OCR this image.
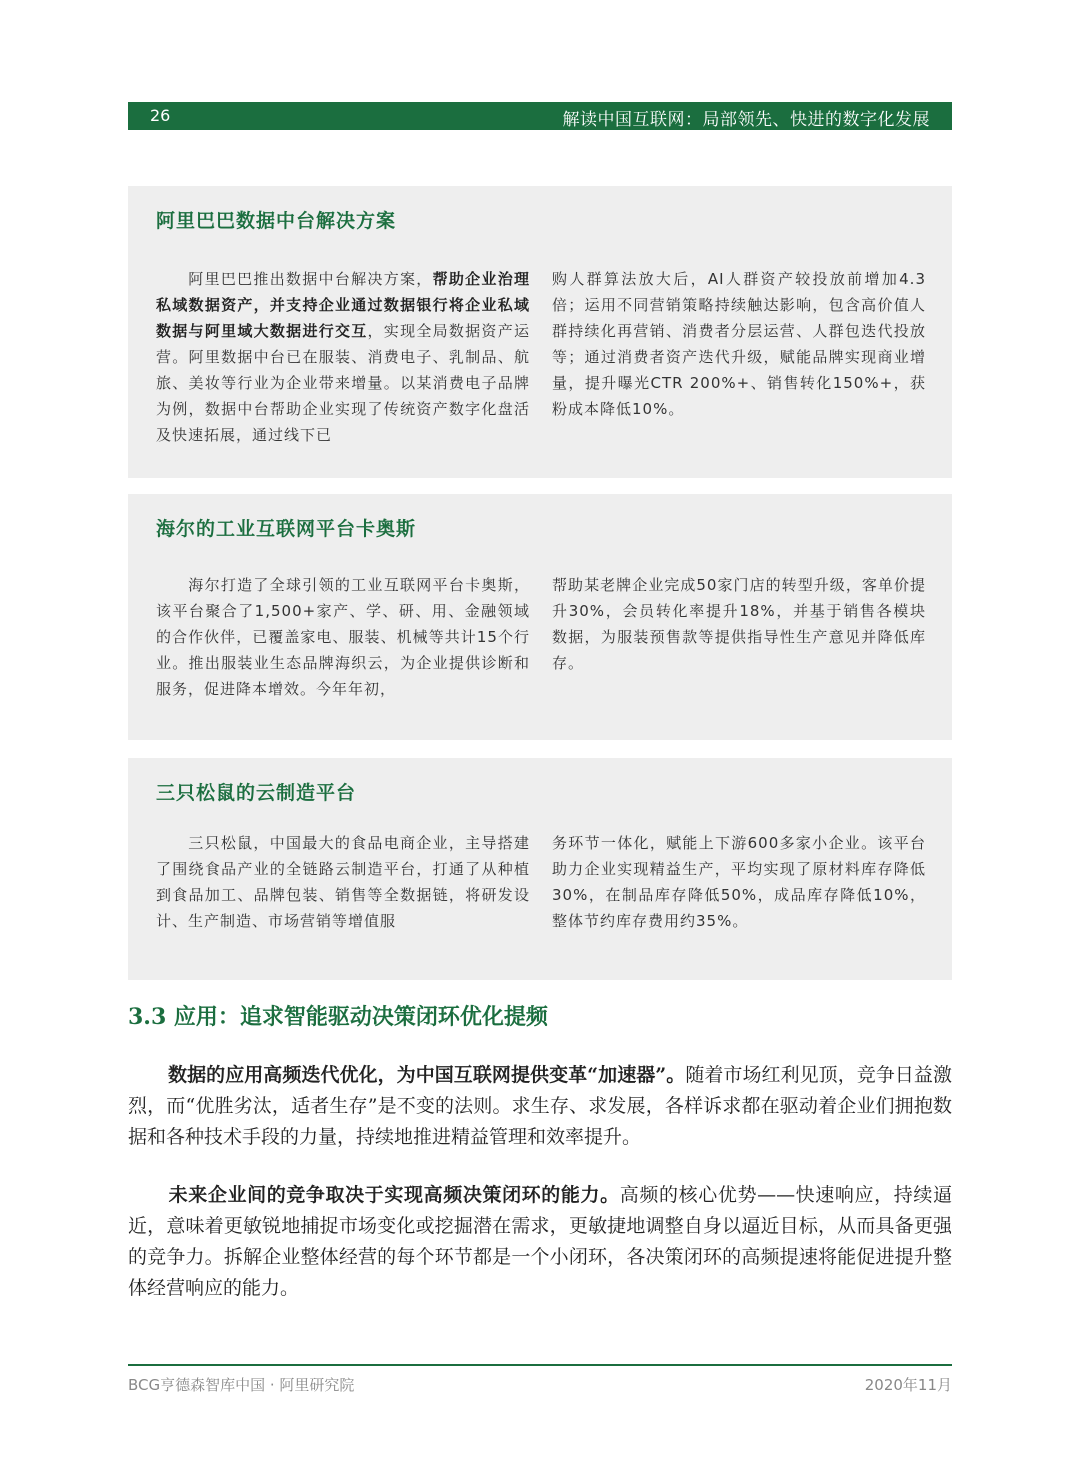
26	解读中国互联网：局部领先、快进的数字化发展
阿里巴巴数据中台解决方案
阿里巴巴推出数据中台解决方案，帮助企业治理私域数据资产，并支持企业通过数据银行将企业私域数据与阿里域大数据进行交互，实现全局数据资产运营。阿里数据中台已在服装、消费电子、乳制品、航旅、美妆等行业为企业带来增量。以某消费电子品牌为例，数据中台帮助企业实现了传统资产数字化盘活及快速拓展，通过线下已
购人群算法放大后，AI人群资产较投放前增加4.3倍；运用不同营销策略持续触达影响，包含高价值人群持续化再营销、消费者分层运营、人群包迭代投放等；通过消费者资产迭代升级，赋能品牌实现商业增量，提升曝光CTR 200%+、销售转化150%+，获粉成本降低10%。
海尔的工业互联网平台卡奥斯
海尔打造了全球引领的工业互联网平台卡奥斯，该平台聚合了1,500+家产、学、研、用、金融领域的合作伙伴，已覆盖家电、服装、机械等共计15个行业。推出服装业生态品牌海织云，为企业提供诊断和服务，促进降本增效。今年年初，
帮助某老牌企业完成50家门店的转型升级，客单价提升30%，会员转化率提升18%，并基于销售各模块数据，为服装预售款等提供指导性生产意见并降低库存。
三只松鼠的云制造平台
三只松鼠，中国最大的食品电商企业，主导搭建了围绕食品产业的全链路云制造平台，打通了从种植到食品加工、品牌包装、销售等全数据链，将研发设计、生产制造、市场营销等增值服
务环节一体化，赋能上下游600多家小企业。该平台助力企业实现精益生产，平均实现了原材料库存降低30%，在制品库存降低50%，成品库存降低10%，整体节约库存费用约35%。
3.3 应用：追求智能驱动决策闭环优化提频
数据的应用高频迭代优化，为中国互联网提供变革“加速器”。随着市场红利见顶，竞争日益激烈，而“优胜劣汰，适者生存”是不变的法则。求生存、求发展，各样诉求都在驱动着企业们拥抱数据和各种技术手段的力量，持续地推进精益管理和效率提升。
未来企业间的竞争取决于实现高频决策闭环的能力。高频的核心优势——快速响应，持续逼近，意味着更敏锐地捕捉市场变化或挖掘潜在需求，更敏捷地调整自身以逼近目标，从而具备更强的竞争力。拆解企业整体经营的每个环节都是一个小闭环，各决策闭环的高频提速将能促进提升整体经营响应的能力。
BCG亨德森智库中国 · 阿里研究院	2020年11月
